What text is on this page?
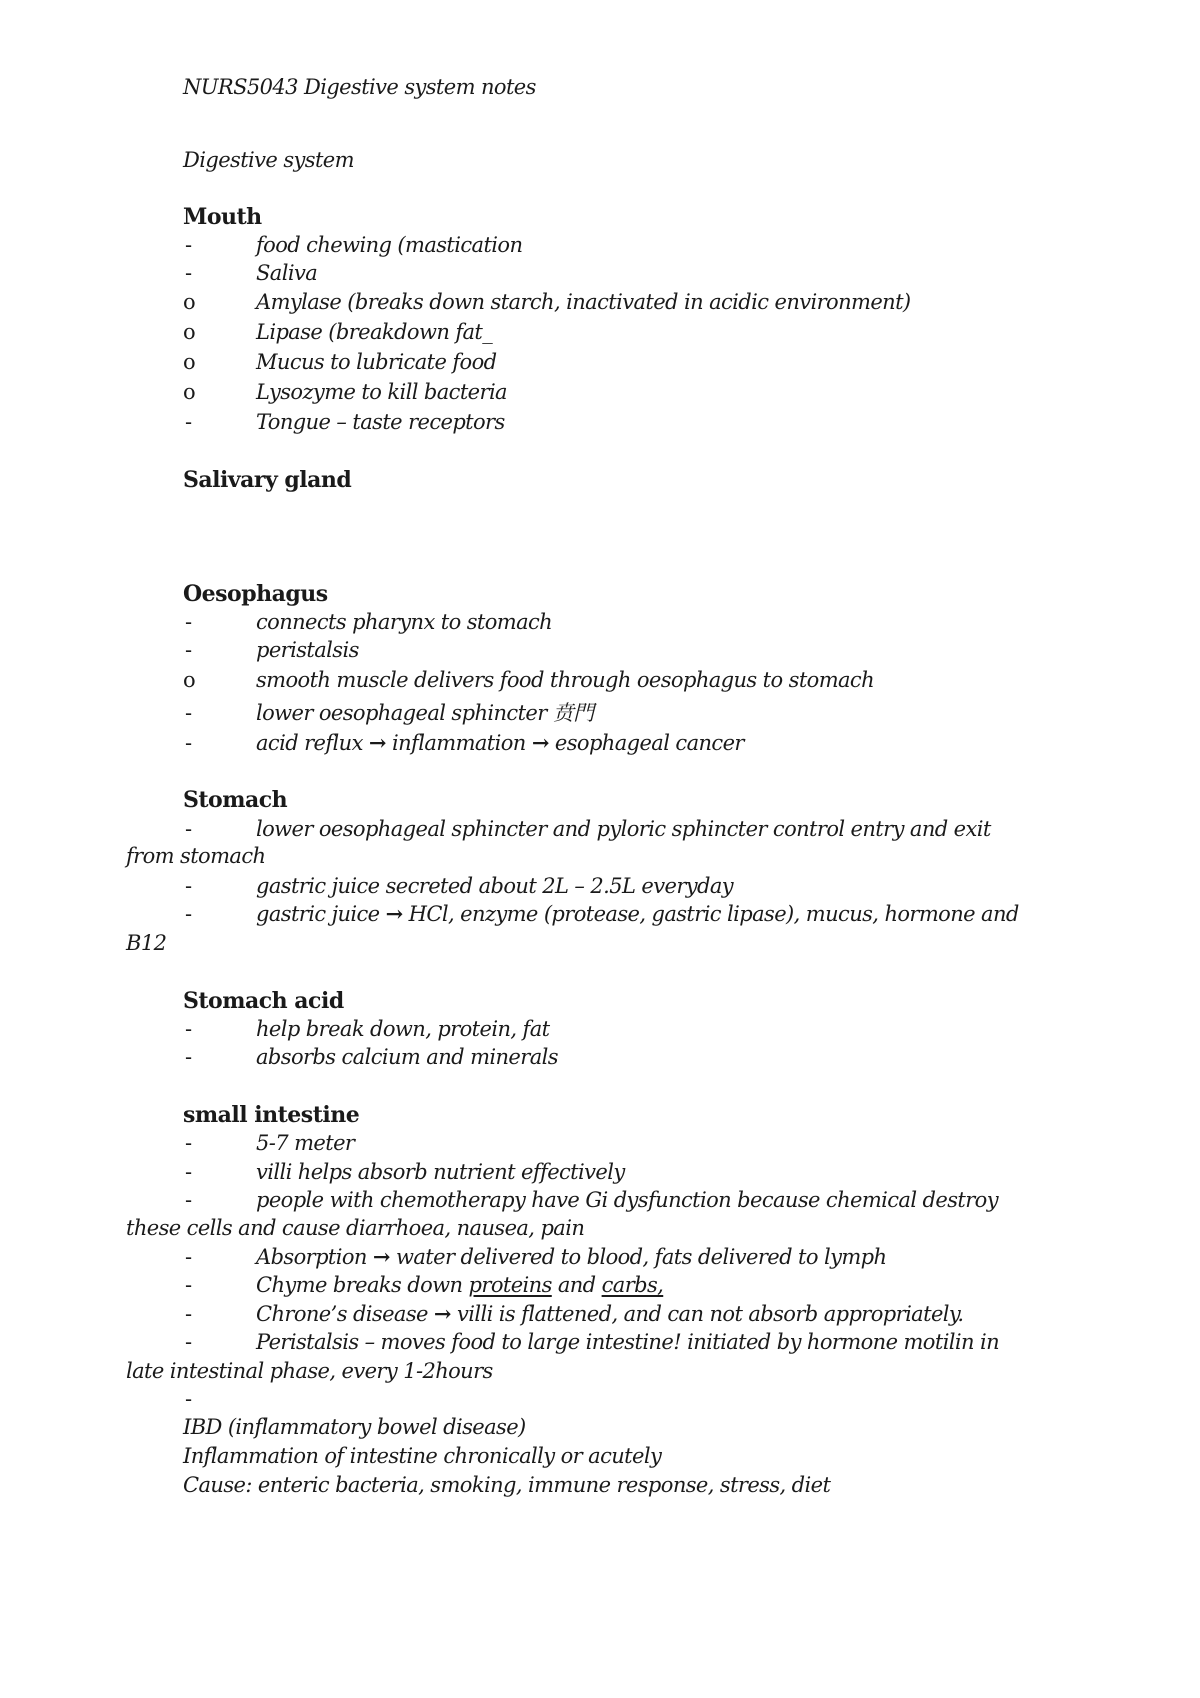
NURS5043 Digestive system notes
Digestive system
Mouth
-	food chewing (mastication
-	Saliva
o	Amylase (breaks down starch, inactivated in acidic environment)
o	Lipase (breakdown fat_
o	Mucus to lubricate food
o	Lysozyme to kill bacteria
-	Tongue – taste receptors
Salivary gland
Oesophagus
-	connects pharynx to stomach
-	peristalsis
o	smooth muscle delivers food through oesophagus to stomach
-	lower oesophageal sphincter 贲門
-	acid reflux → inflammation → esophageal cancer
Stomach
-	lower oesophageal sphincter and pyloric sphincter control entry and exit
from stomach
-	gastric juice secreted about 2L – 2.5L everyday
-	gastric juice → HCl, enzyme (protease, gastric lipase), mucus, hormone and
B12
Stomach acid
-	help break down, protein, fat
-	absorbs calcium and minerals
small intestine
-	5-7 meter
-	villi helps absorb nutrient effectively
-	people with chemotherapy have Gi dysfunction because chemical destroy
these cells and cause diarrhoea, nausea, pain
-	Absorption → water delivered to blood, fats delivered to lymph
-	Chyme breaks down proteins and carbs,
-	Chrone’s disease → villi is flattened, and can not absorb appropriately.
-	Peristalsis – moves food to large intestine! initiated by hormone motilin in
late intestinal phase, every 1-2hours
-
IBD (inflammatory bowel disease)
Inflammation of intestine chronically or acutely
Cause: enteric bacteria, smoking, immune response, stress, diet
